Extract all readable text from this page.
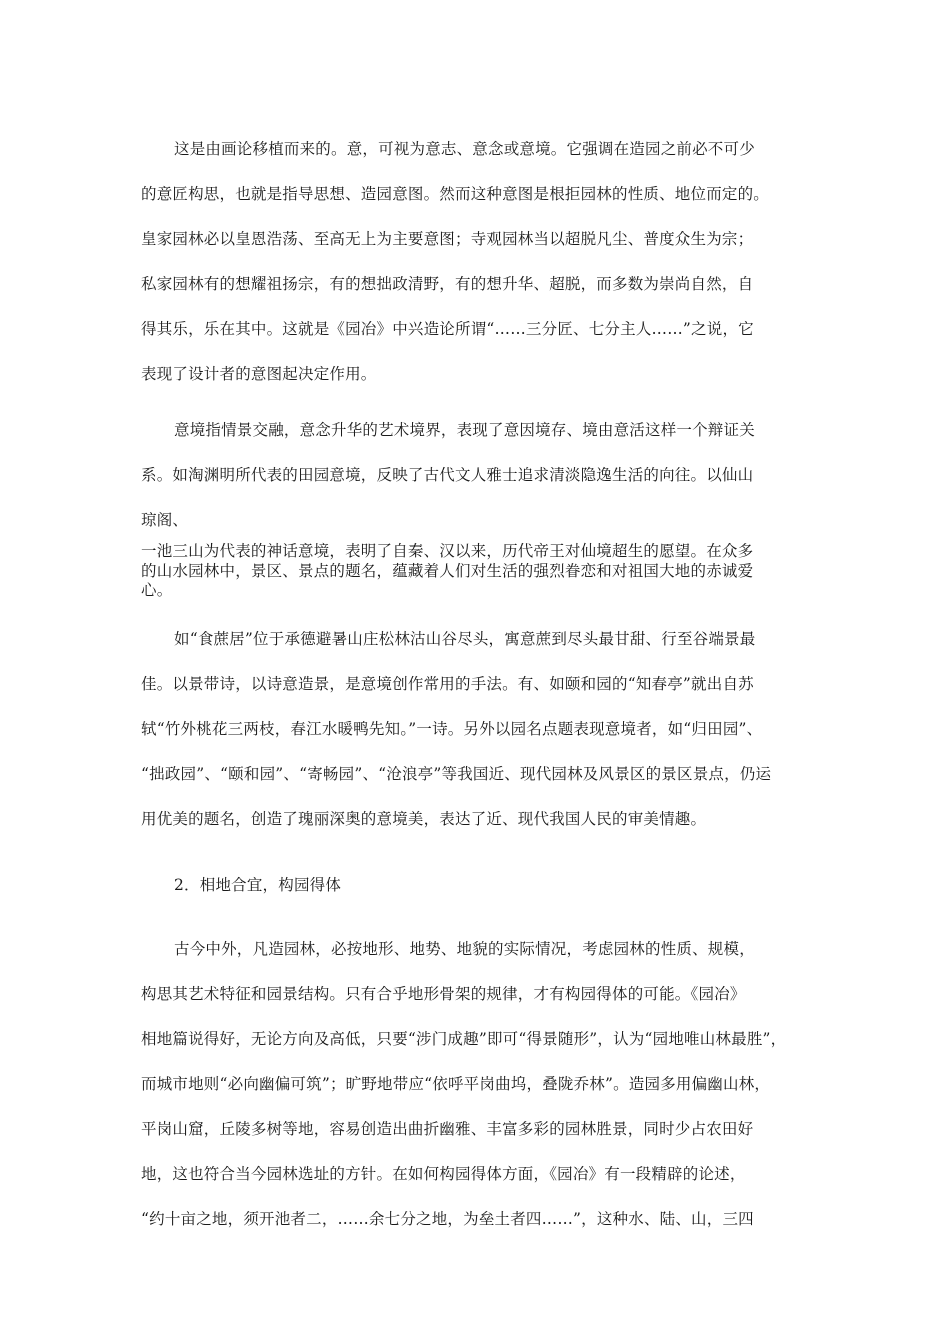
这是由画论移植而来的。意，可视为意志、意念或意境。它强调在造园之前必不可少
的意匠构思，也就是指导思想、造园意图。然而这种意图是根拒园林的性质、地位而定的。
皇家园林必以皇恩浩荡、至高无上为主要意图；寺观园林当以超脱凡尘、普度众生为宗；
私家园林有的想耀祖扬宗，有的想拙政清野，有的想升华、超脱，而多数为崇尚自然，自
得其乐，乐在其中。这就是《园冶》中兴造论所谓“……三分匠、七分主人……”之说，它
表现了设计者的意图起决定作用。
意境指情景交融，意念升华的艺术境界，表现了意因境存、境由意活这样一个辩证关
系。如淘渊明所代表的田园意境，反映了古代文人雅士追求清淡隐逸生活的向往。以仙山
琼阁、
一池三山为代表的神话意境，表明了自秦、汉以来，历代帝王对仙境超生的愿望。在众多
的山水园林中，景区、景点的题名，蕴藏着人们对生活的强烈眷恋和对祖国大地的赤诚爱
心。
如“食蔗居”位于承德避暑山庄松林沽山谷尽头，寓意蔗到尽头最甘甜、行至谷端景最
佳。以景带诗，以诗意造景，是意境创作常用的手法。有、如颐和园的“知春亭”就出自苏
轼“竹外桃花三两枝，春江水暖鸭先知。”一诗。另外以园名点题表现意境者，如“归田园”、
“拙政园”、“颐和园”、“寄畅园”、“沧浪亭”等我国近、现代园林及风景区的景区景点，仍运
用优美的题名，创造了瑰丽深奥的意境美，表达了近、现代我国人民的审美情趣。
2．相地合宜，构园得体
古今中外，凡造园林，必按地形、地势、地貌的实际情况，考虑园林的性质、规模，
构思其艺术特征和园景结构。只有合乎地形骨架的规律，才有构园得体的可能。《园冶》
相地篇说得好，无论方向及高低，只要“涉门成趣”即可“得景随形”，认为“园地唯山林最胜”，
而城市地则“必向幽偏可筑”；旷野地带应“依呼平岗曲坞，叠陇乔林”。造园多用偏幽山林，
平岗山窟，丘陵多树等地，容易创造出曲折幽雅、丰富多彩的园林胜景，同时少占农田好
地，这也符合当今园林选址的方针。在如何构园得体方面，《园冶》有一段精辟的论述，
“约十亩之地，须开池者二，……余七分之地，为垒土者四……”，这种水、陆、山，三四
